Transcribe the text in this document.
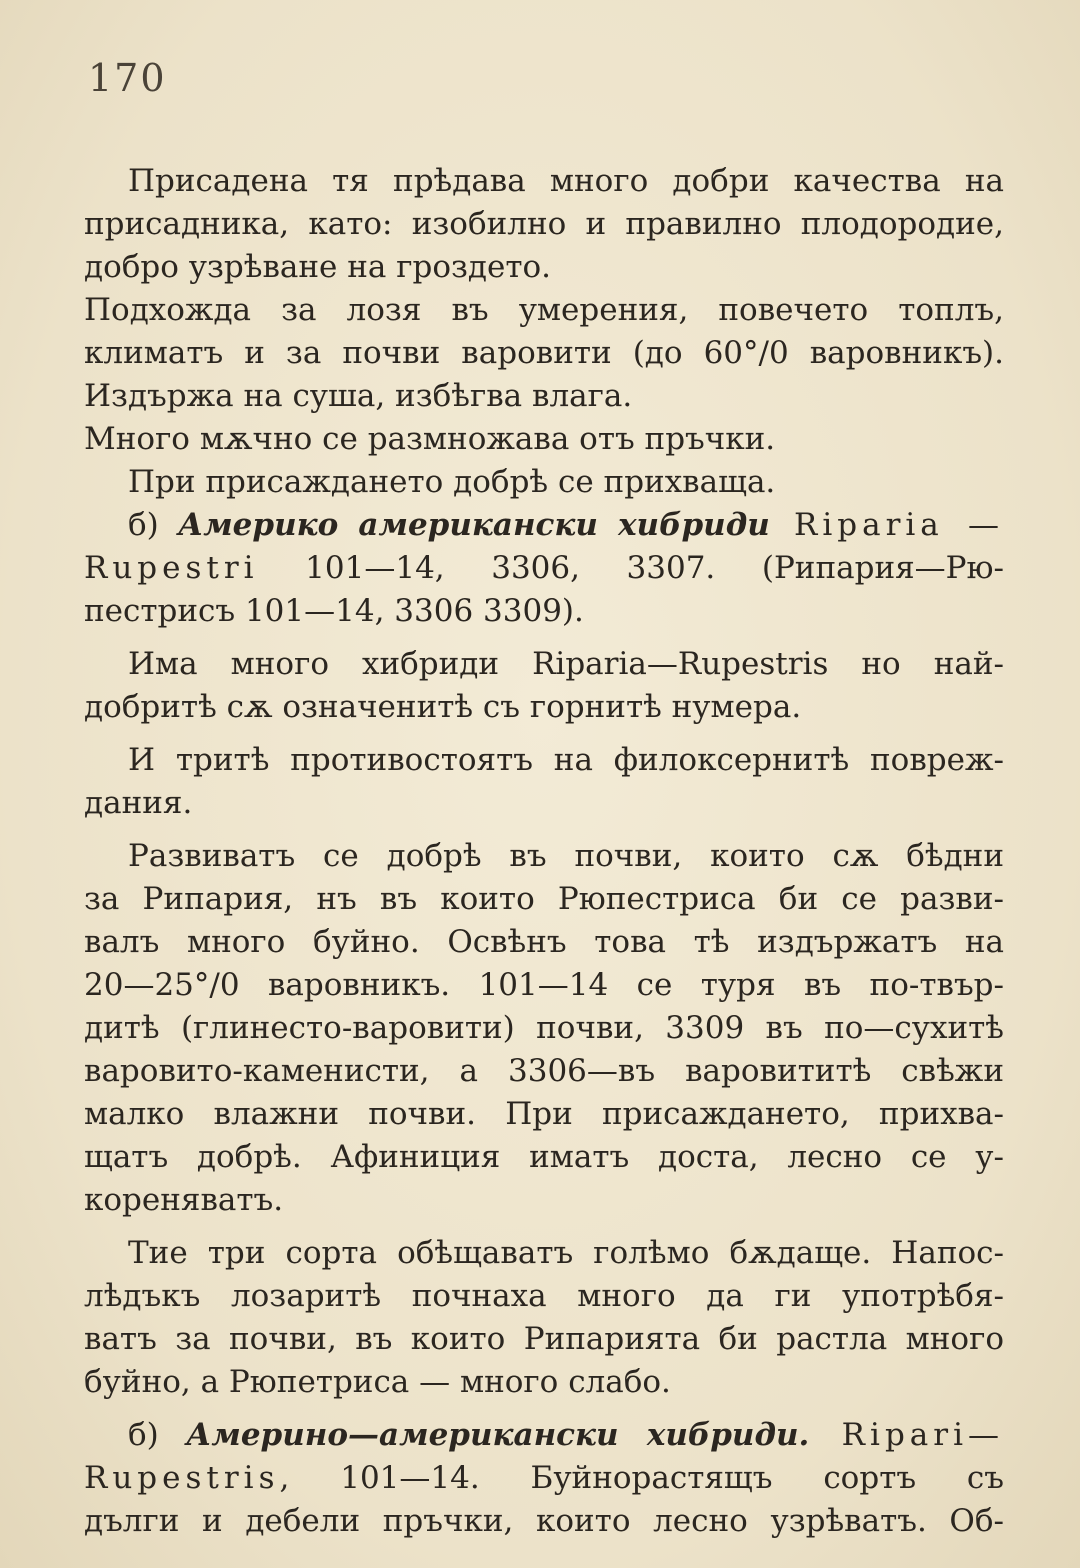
170
Присадена тя прѣдава много добри качества на
присадника, като: изобилно и правилно плодородие,
добро узрѣване на гроздето.
Подхожда за лозя въ умерения, повечето топлъ,
климатъ и за почви варовити (до 60°/0 варовникъ).
Издържа на суша, избѣгва влага.
Много мѫчно се размножава отъ пръчки.
При присаждането добрѣ се прихваща.
б) Америко американски хибриди Riparia —
Rupestri 101—14, 3306, 3307. (Рипария—Рю-
пестрисъ 101—14, 3306 3309).
Има много хибриди Riparia—Rupestris но най-
добритѣ сѫ означенитѣ съ горнитѣ нумера.
И тритѣ противостоятъ на филоксернитѣ повреж-
дания.
Развиватъ се добрѣ въ почви, които сѫ бѣдни
за Рипария, нъ въ които Рюпестриса би се разви-
валъ много буйно. Освѣнъ това тѣ издържатъ на
20—25°/0 варовникъ. 101—14 се туря въ по-твър-
дитѣ (глинесто-варовити) почви, 3309 въ по—сухитѣ
варовито-каменисти, а 3306—въ варовититѣ свѣжи
малко влажни почви. При присаждането, прихва-
щатъ добрѣ. Афиниция иматъ доста, лесно се у-
кореняватъ.
Тие три сорта обѣщаватъ голѣмо бѫдаще. Напос-
лѣдъкъ лозаритѣ почнаха много да ги употрѣбя-
ватъ за почви, въ които Рипарията би растла много
буйно, а Рюпетриса — много слабо.
б) Америно—американски хибриди. Ripari—
Rupestris, 101—14. Буйнорастящъ сортъ съ
дълги и дебели пръчки, които лесно узрѣватъ. Об-
